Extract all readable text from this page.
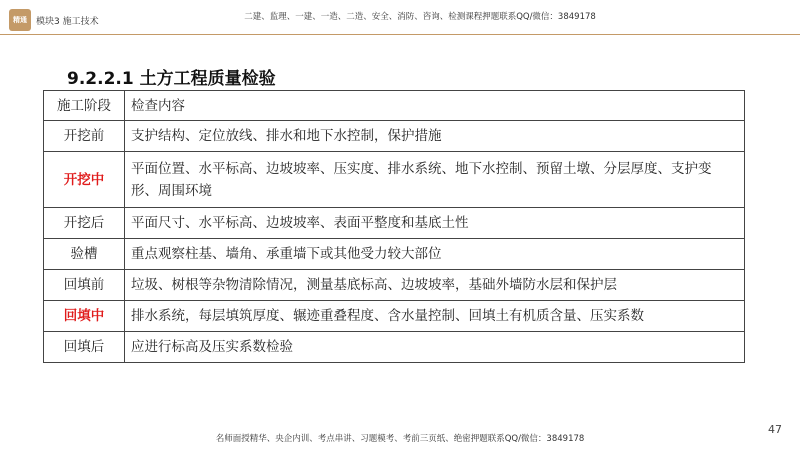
精通	模块3 施工技术	二建、监理、一建、一造、二造、安全、消防、咨询、检测课程押题联系QQ/微信：3849178
9.2.2.1 土方工程质量检验
施工阶段	检查内容
开挖前	支护结构、定位放线、排水和地下水控制，保护措施
开挖中	平面位置、水平标高、边坡坡率、压实度、排水系统、地下水控制、预留土墩、分层厚度、支护变形、周围环境
开挖后	平面尺寸、水平标高、边坡坡率、表面平整度和基底土性
验槽	重点观察柱基、墙角、承重墙下或其他受力较大部位
回填前	垃圾、树根等杂物清除情况，测量基底标高、边坡坡率，基础外墙防水层和保护层
回填中	排水系统，每层填筑厚度、辗迹重叠程度、含水量控制、回填土有机质含量、压实系数
回填后	应进行标高及压实系数检验
名师面授精华、央企内训、考点串讲、习题模考、考前三页纸、绝密押题联系QQ/微信：3849178
47
